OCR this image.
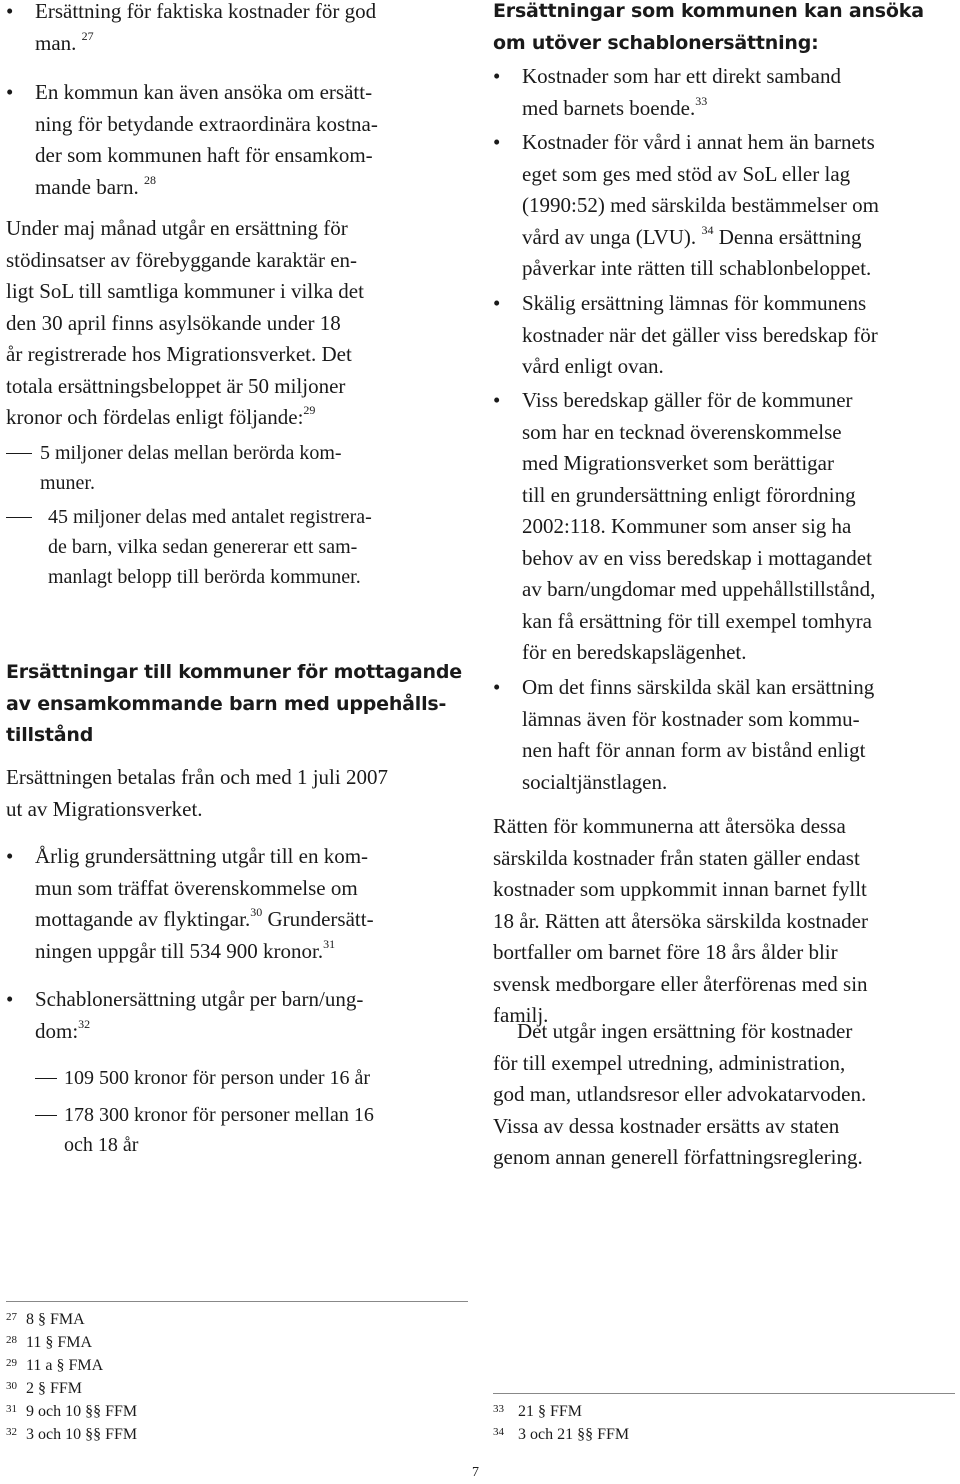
• Ersättning för faktiska kostnader för god
man. $^{27}$
• En kommun kan även ansöka om ersätt-
ning för betydande extraordinära kostna-
der som kommunen haft för ensamkom-
mande barn. $^{28}$

Under maj månad utgår en ersättning för

stödinsatser av förebyggande karaktär en-

ligt SoL till samtliga kommuner i vilka det

den 30 april finns asylsökande under 18

år registrerade hos Migrationsverket. Det

totala ersättningsbeloppet är 50 miljoner

kronor och fördelas enligt följande:$^{29}$

5 miljoner delas mellan berörda kom-
muner.
45 miljoner delas med antalet registrera-
de barn, vilka sedan genererar ett sam-
manlagt belopp till berörda kommuner.

Ersättningar till kommuner för mottagande

av ensamkommande barn med uppehålls-

tillstånd

Ersättningen betalas från och med 1 juli 2007

ut av Migrationsverket.

• Årlig grundersättning utgår till en kom-
mun som träffat överenskommelse om
mottagande av flyktingar.$^{30}$ Grundersätt-
ningen uppgår till 534 900 kronor.$^{31}$
• Schablonersättning utgår per barn/ung-
dom:$^{32}$
109 500 kronor för person under 16 år
178 300 kronor för personer mellan 16
och 18 år

Ersättningar som kommunen kan ansöka

om utöver schablonersättning:

• Kostnader som har ett direkt samband
med barnets boende.$^{33}$
• Kostnader för vård i annat hem än barnets
eget som ges med stöd av SoL eller lag
(1990:52) med särskilda bestämmelser om
vård av unga (LVU). $^{34}$ Denna ersättning
påverkar inte rätten till schablonbeloppet.
• Skälig ersättning lämnas för kommunens
kostnader när det gäller viss beredskap för
vård enligt ovan.
• Viss beredskap gäller för de kommuner
som har en tecknad överenskommelse
med Migrationsverket som berättigar
till en grundersättning enligt förordning
2002:118. Kommuner som anser sig ha
behov av en viss beredskap i mottagandet
av barn/ungdomar med uppehållstillstånd,
kan få ersättning för till exempel tomhyra
för en beredskapslägenhet.
• Om det finns särskilda skäl kan ersättning
lämnas även för kostnader som kommu-
nen haft för annan form av bistånd enligt
socialtjänstlagen.

Rätten för kommunerna att återsöka dessa

särskilda kostnader från staten gäller endast

kostnader som uppkommit innan barnet fyllt

18 år. Rätten att återsöka särskilda kostnader

bortfaller om barnet före 18 års ålder blir

svensk medborgare eller återförenas med sin

familj.

Det utgår ingen ersättning för kostnader

för till exempel utredning, administration,

god man, utlandsresor eller advokatarvoden.

Vissa av dessa kostnader ersätts av staten

genom annan generell författningsreglering.

27 8 § FMA
28 11 § FMA
29 11 a § FMA
30 2 § FFM
31 9 och 10 §§ FFM
32 3 och 10 §§ FFM
33 21 § FFM
34 3 och 21 §§ FFM
7
